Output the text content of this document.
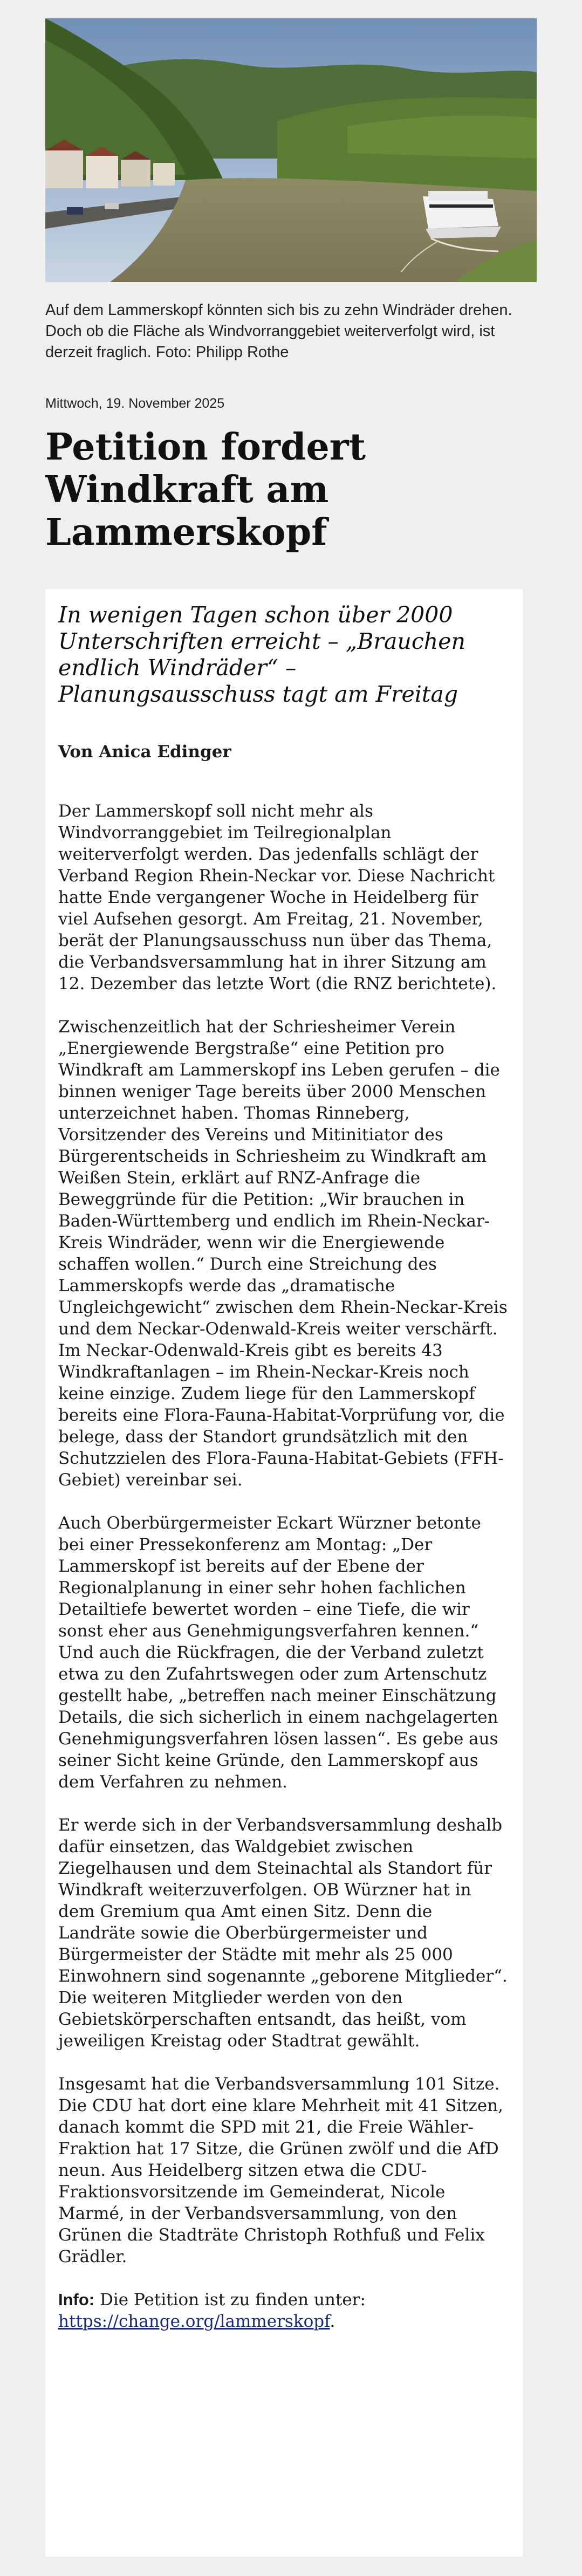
Auf dem Lammerskopf könnten sich bis zu zehn Windräder drehen. Doch ob die Fläche als Windvorranggebiet weiterverfolgt wird, ist derzeit fraglich. Foto: Philipp Rothe
Mittwoch, 19. November 2025
Petition fordert Windkraft am Lammerskopf

In wenigen Tagen schon über 2000 Unterschriften erreicht – „Brauchen endlich Windräder“ – Planungsausschuss tagt am Freitag

Von Anica Edinger

Der Lammerskopf soll nicht mehr als Windvorranggebiet im Teilregionalplan weiterverfolgt werden. Das jedenfalls schlägt der Verband Region Rhein-Neckar vor. Diese Nachricht hatte Ende vergangener Woche in Heidelberg für viel Aufsehen gesorgt. Am Freitag, 21. November, berät der Planungsausschuss nun über das Thema, die Verbandsversammlung hat in ihrer Sitzung am 12. Dezember das letzte Wort (die RNZ berichtete).

Zwischenzeitlich hat der Schriesheimer Verein „Energiewende Bergstraße“ eine Petition pro Windkraft am Lammerskopf ins Leben gerufen – die binnen weniger Tage bereits über 2000 Menschen unterzeichnet haben. Thomas Rinneberg, Vorsitzender des Vereins und Mitinitiator des Bürgerentscheids in Schriesheim zu Windkraft am Weißen Stein, erklärt auf RNZ-Anfrage die Beweggründe für die Petition: „Wir brauchen in Baden-Württemberg und endlich im Rhein-Neckar-Kreis Windräder, wenn wir die Energiewende schaffen wollen.“ Durch eine Streichung des Lammerskopfs werde das „dramatische Ungleichgewicht“ zwischen dem Rhein-Neckar-Kreis und dem Neckar-Odenwald-Kreis weiter verschärft. Im Neckar-Odenwald-Kreis gibt es bereits 43 Windkraftanlagen – im Rhein-Neckar-Kreis noch keine einzige. Zudem liege für den Lammerskopf bereits eine Flora-Fauna-Habitat-Vorprüfung vor, die belege, dass der Standort grundsätzlich mit den Schutzzielen des Flora-Fauna-Habitat-Gebiets (FFH-Gebiet) vereinbar sei.

Auch Oberbürgermeister Eckart Würzner betonte bei einer Pressekonferenz am Montag: „Der Lammerskopf ist bereits auf der Ebene der Regionalplanung in einer sehr hohen fachlichen Detailtiefe bewertet worden – eine Tiefe, die wir sonst eher aus Genehmigungsverfahren kennen.“ Und auch die Rückfragen, die der Verband zuletzt etwa zu den Zufahrtswegen oder zum Artenschutz gestellt habe, „betreffen nach meiner Einschätzung Details, die sich sicherlich in einem nachgelagerten Genehmigungsverfahren lösen lassen“. Es gebe aus seiner Sicht keine Gründe, den Lammerskopf aus dem Verfahren zu nehmen.

Er werde sich in der Verbandsversammlung deshalb dafür einsetzen, das Waldgebiet zwischen Ziegelhausen und dem Steinachtal als Standort für Windkraft weiterzuverfolgen. OB Würzner hat in dem Gremium qua Amt einen Sitz. Denn die Landräte sowie die Oberbürgermeister und Bürgermeister der Städte mit mehr als 25 000 Einwohnern sind sogenannte „geborene Mitglieder“. Die weiteren Mitglieder werden von den Gebietskörperschaften entsandt, das heißt, vom jeweiligen Kreistag oder Stadtrat gewählt.

Insgesamt hat die Verbandsversammlung 101 Sitze. Die CDU hat dort eine klare Mehrheit mit 41 Sitzen, danach kommt die SPD mit 21, die Freie Wähler-Fraktion hat 17 Sitze, die Grünen zwölf und die AfD neun. Aus Heidelberg sitzen etwa die CDU-Fraktionsvorsitzende im Gemeinderat, Nicole Marmé, in der Verbandsversammlung, von den Grünen die Stadträte Christoph Rothfuß und Felix Grädler.

Info: Die Petition ist zu finden unter: https://change.org/lammerskopf.
